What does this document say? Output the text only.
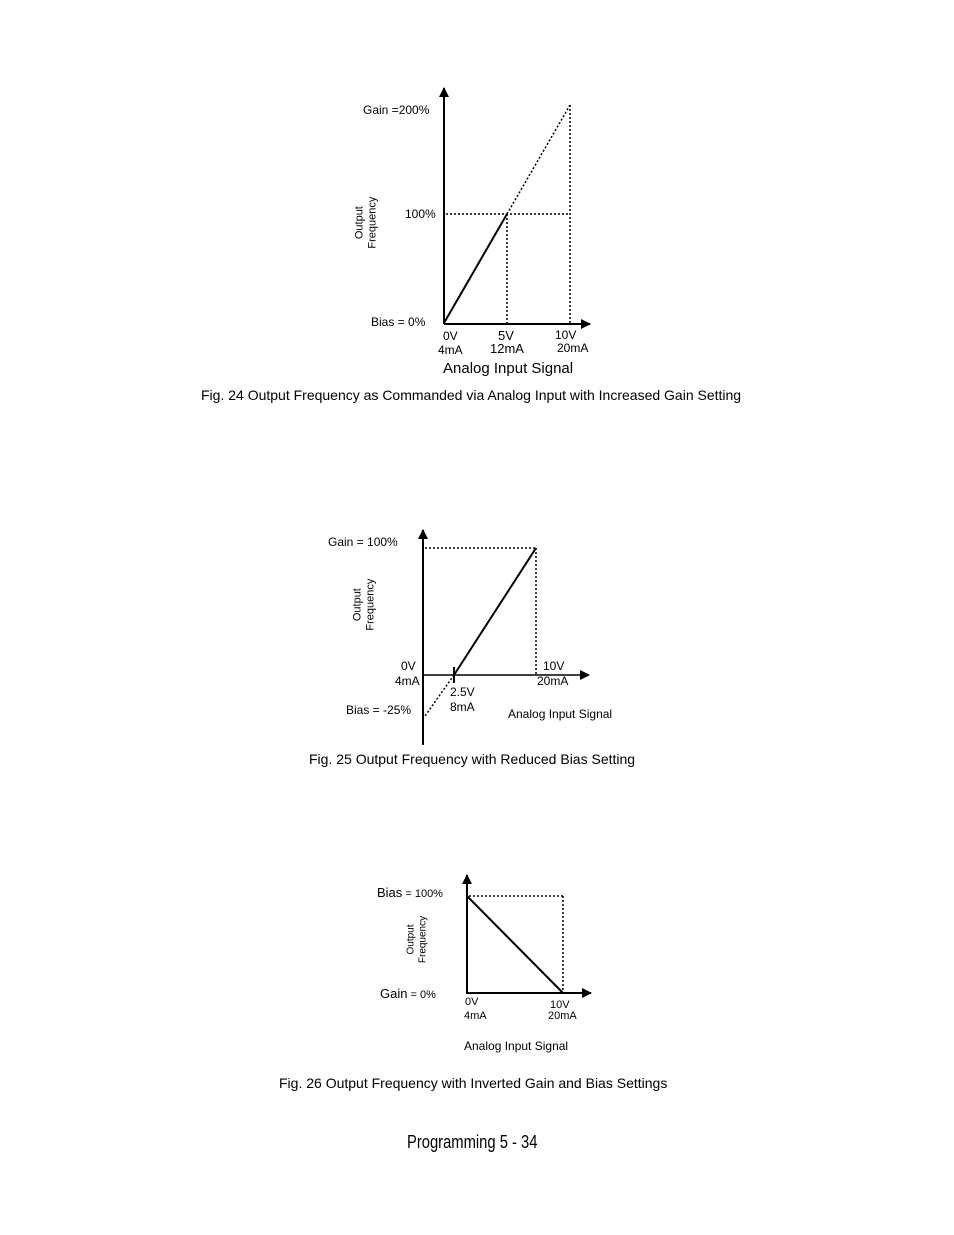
Gain =200%
100%
Bias = 0%
Output Frequency
0V
4mA
5V
12mA
10V
20mA
Analog Input Signal
Fig. 24 Output Frequency as Commanded via Analog Input with Increased Gain Setting
Gain = 100%
Output Frequency
0V
4mA
2.5V
8mA
10V
20mA
Bias = -25%	Analog Input Signal
Fig. 25 Output Frequency with Reduced Bias Setting
Bias = 100%
Output Frequency
Gain = 0%
0V
4mA
10V
20mA
Analog Input Signal
Fig. 26 Output Frequency with Inverted Gain and Bias Settings
Programming 5 - 34
